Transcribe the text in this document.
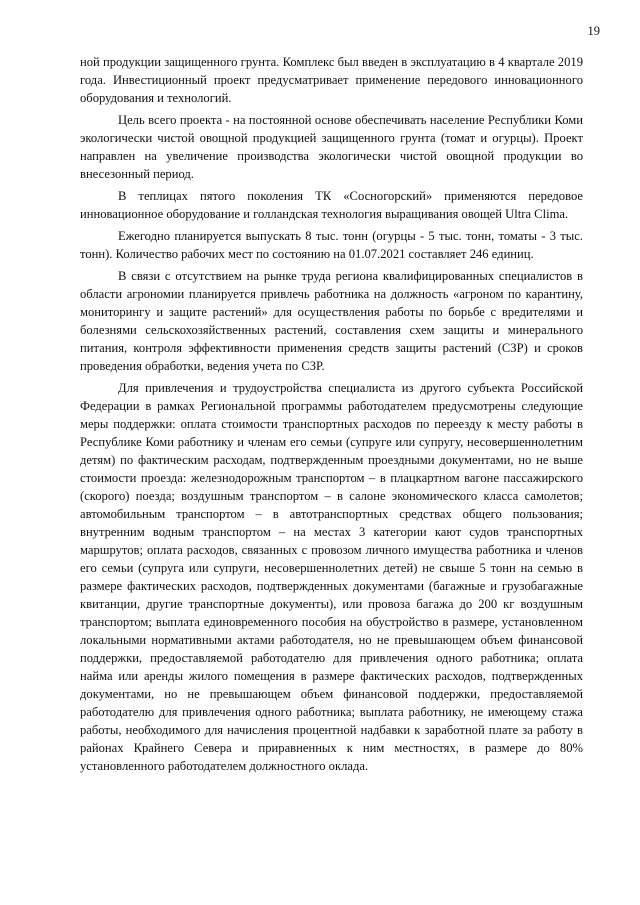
19

ной продукции защищенного грунта. Комплекс был введен в эксплуатацию в 4 квартале 2019 года. Инвестиционный проект предусматривает применение передового инновационного оборудования и технологий.

Цель всего проекта - на постоянной основе обеспечивать население Республики Коми экологически чистой овощной продукцией защищенного грунта (томат и огурцы). Проект направлен на увеличение производства экологически чистой овощной продукции во внесезонный период.

В теплицах пятого поколения ТК «Сосногорский» применяются передовое инновационное оборудование и голландская технология выращивания овощей Ultra Clima.

Ежегодно планируется выпускать 8 тыс. тонн (огурцы - 5 тыс. тонн, томаты - 3 тыс. тонн). Количество рабочих мест по состоянию на 01.07.2021 составляет 246 единиц.

В связи с отсутствием на рынке труда региона квалифицированных специалистов в области агрономии планируется привлечь работника на должность «агроном по карантину, мониторингу и защите растений» для осуществления работы по борьбе с вредителями и болезнями сельскохозяйственных растений, составления схем защиты и минерального питания, контроля эффективности применения средств защиты растений (СЗР) и сроков проведения обработки, ведения учета по СЗР.

Для привлечения и трудоустройства специалиста из другого субъекта Российской Федерации в рамках Региональной программы работодателем предусмотрены следующие меры поддержки: оплата стоимости транспортных расходов по переезду к месту работы в Республике Коми работнику и членам его семьи (супруге или супругу, несовершеннолетним детям) по фактическим расходам, подтвержденным проездными документами, но не выше стоимости проезда: железнодорожным транспортом – в плацкартном вагоне пассажирского (скорого) поезда; воздушным транспортом – в салоне экономического класса самолетов; автомобильным транспортом – в автотранспортных средствах общего пользования; внутренним водным транспортом – на местах 3 категории кают судов транспортных маршрутов; оплата расходов, связанных с провозом личного имущества работника и членов его семьи (супруга или супруги, несовершеннолетних детей) не свыше 5 тонн на семью в размере фактических расходов, подтвержденных документами (багажные и грузобагажные квитанции, другие транспортные документы), или провоза багажа до 200 кг воздушным транспортом; выплата единовременного пособия на обустройство в размере, установленном локальными нормативными актами работодателя, но не превышающем объем финансовой поддержки, предоставляемой работодателю для привлечения одного работника; оплата найма или аренды жилого помещения в размере фактических расходов, подтвержденных документами, но не превышающем объем финансовой поддержки, предоставляемой работодателю для привлечения одного работника; выплата работнику, не имеющему стажа работы, необходимого для начисления процентной надбавки к заработной плате за работу в районах Крайнего Севера и приравненных к ним местностях, в размере до 80% установленного работодателем должностного оклада.
